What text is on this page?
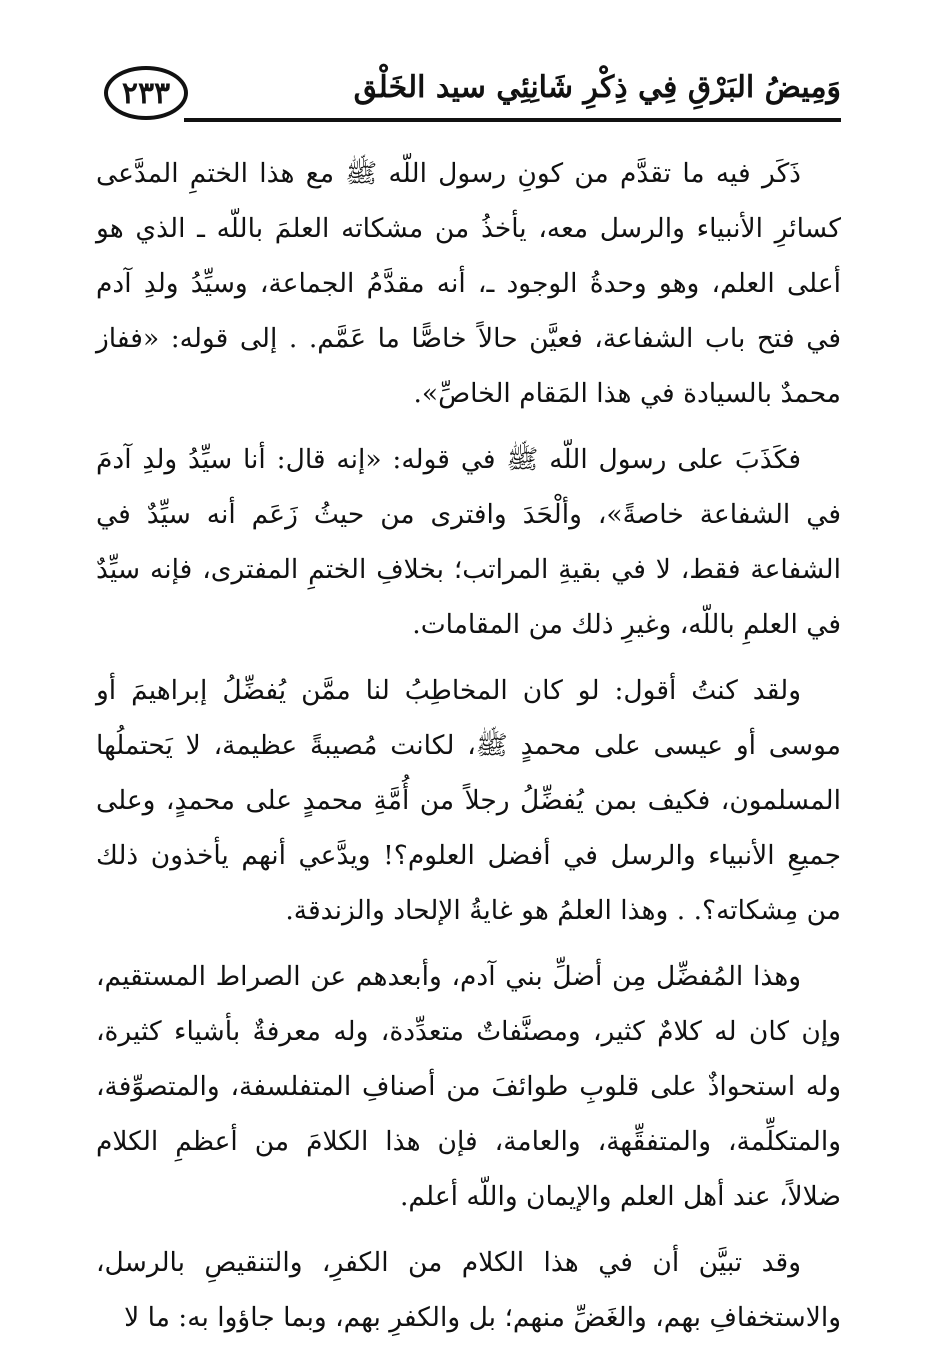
٢٣٣	وَمِيضُ البَرْقِ فِي ذِكْرِ شَانِئِي سيد الخَلْق

ذَكَر فيه ما تقدَّم من كونِ رسول اللّه ﷺ مع هذا الختمِ المدَّعى كسائرِ الأنبياء والرسل معه، يأخذُ من مشكاته العلمَ باللّه ـ الذي هو أعلى العلم، وهو وحدةُ الوجود ـ، أنه مقدَّمُ الجماعة، وسيِّدُ ولدِ آدم في فتح باب الشفاعة، فعيَّن حالاً خاصًّا ما عَمَّم. . إلى قوله: «ففاز محمدٌ بالسيادة في هذا المَقام الخاصِّ».

فكَذَبَ على رسول اللّه ﷺ في قوله: «إنه قال: أنا سيِّدُ ولدِ آدمَ في الشفاعة خاصةً»، وألْحَدَ وافترى من حيثُ زَعَم أنه سيِّدٌ في الشفاعة فقط، لا في بقيةِ المراتب؛ بخلافِ الختمِ المفترى، فإنه سيِّدٌ في العلمِ باللّه، وغيرِ ذلك من المقامات.

ولقد كنتُ أقول: لو كان المخاطِبُ لنا ممَّن يُفضِّلُ إبراهيمَ أو موسى أو عيسى على محمدٍ ﷺ، لكانت مُصيبةً عظيمة، لا يَحتملُها المسلمون، فكيف بمن يُفضِّلُ رجلاً من أُمَّةِ محمدٍ على محمدٍ، وعلى جميعِ الأنبياء والرسل في أفضل العلوم؟! ويدَّعي أنهم يأخذون ذلك من مِشكاته؟. . وهذا العلمُ هو غايةُ الإلحاد والزندقة.

وهذا المُفضِّل مِن أضلِّ بني آدم، وأبعدهم عن الصراط المستقيم، وإن كان له كلامٌ كثير، ومصنَّفاتٌ متعدِّدة، وله معرفةٌ بأشياء كثيرة، وله استحواذٌ على قلوبِ طوائفَ من أصنافِ المتفلسفة، والمتصوِّفة، والمتكلِّمة، والمتفقِّهة، والعامة، فإن هذا الكلامَ من أعظمِ الكلام ضلالاً، عند أهل العلم والإيمان واللّه أعلم.

وقد تبيَّن أن في هذا الكلام من الكفرِ، والتنقيصِ بالرسل، والاستخفافِ بهم، والغَضِّ منهم؛ بل والكفرِ بهم، وبما جاؤوا به: ما لا
